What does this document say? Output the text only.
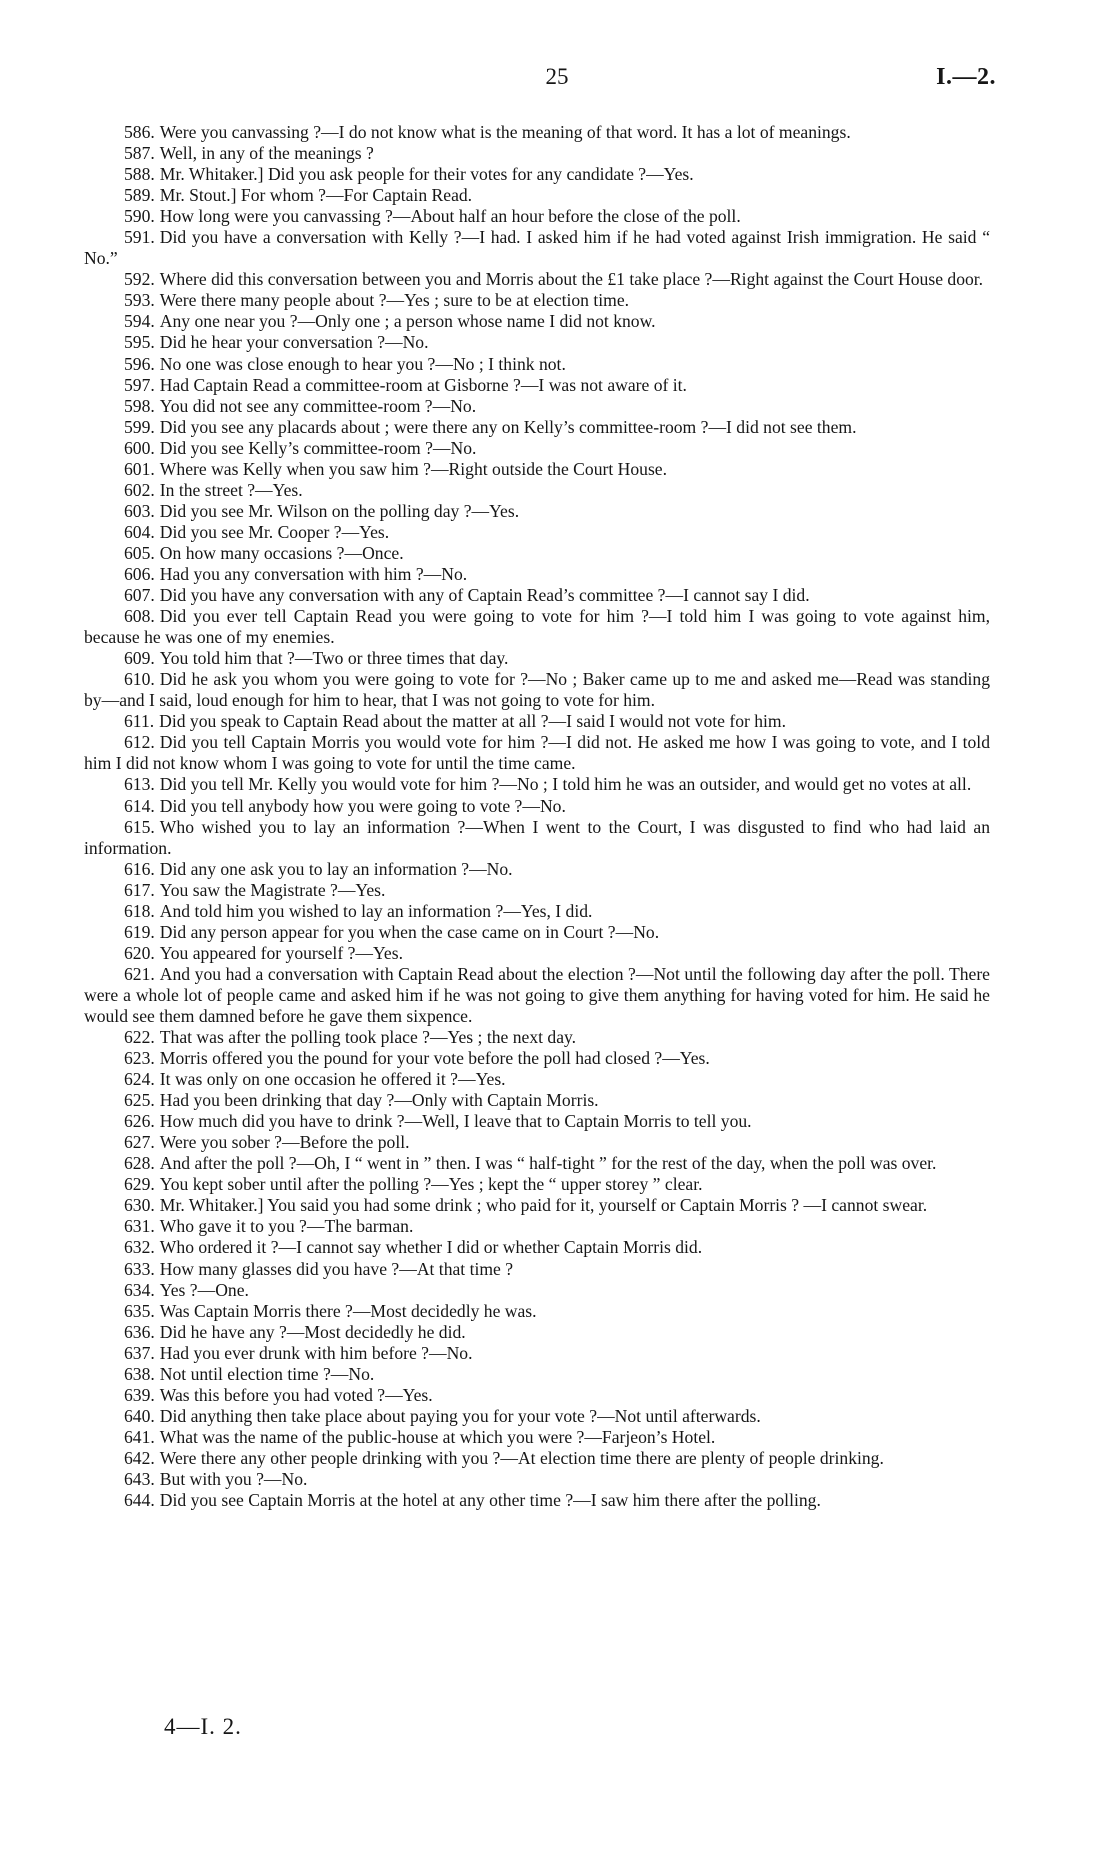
25	I.—2.

586. Were you canvassing ?—I do not know what is the meaning of that word. It has a lot of meanings.

587. Well, in any of the meanings ?

588. Mr. Whitaker.] Did you ask people for their votes for any candidate ?—Yes.

589. Mr. Stout.] For whom ?—For Captain Read.

590. How long were you canvassing ?—About half an hour before the close of the poll.

591. Did you have a conversation with Kelly ?—I had. I asked him if he had voted against Irish immigration. He said “ No.”

592. Where did this conversation between you and Morris about the £1 take place ?—Right against the Court House door.

593. Were there many people about ?—Yes ; sure to be at election time.

594. Any one near you ?—Only one ; a person whose name I did not know.

595. Did he hear your conversation ?—No.

596. No one was close enough to hear you ?—No ; I think not.

597. Had Captain Read a committee-room at Gisborne ?—I was not aware of it.

598. You did not see any committee-room ?—No.

599. Did you see any placards about ; were there any on Kelly’s committee-room ?—I did not see them.

600. Did you see Kelly’s committee-room ?—No.

601. Where was Kelly when you saw him ?—Right outside the Court House.

602. In the street ?—Yes.

603. Did you see Mr. Wilson on the polling day ?—Yes.

604. Did you see Mr. Cooper ?—Yes.

605. On how many occasions ?—Once.

606. Had you any conversation with him ?—No.

607. Did you have any conversation with any of Captain Read’s committee ?—I cannot say I did.

608. Did you ever tell Captain Read you were going to vote for him ?—I told him I was going to vote against him, because he was one of my enemies.

609. You told him that ?—Two or three times that day.

610. Did he ask you whom you were going to vote for ?—No ; Baker came up to me and asked me—Read was standing by—and I said, loud enough for him to hear, that I was not going to vote for him.

611. Did you speak to Captain Read about the matter at all ?—I said I would not vote for him.

612. Did you tell Captain Morris you would vote for him ?—I did not. He asked me how I was going to vote, and I told him I did not know whom I was going to vote for until the time came.

613. Did you tell Mr. Kelly you would vote for him ?—No ; I told him he was an outsider, and would get no votes at all.

614. Did you tell anybody how you were going to vote ?—No.

615. Who wished you to lay an information ?—When I went to the Court, I was disgusted to find who had laid an information.

616. Did any one ask you to lay an information ?—No.

617. You saw the Magistrate ?—Yes.

618. And told him you wished to lay an information ?—Yes, I did.

619. Did any person appear for you when the case came on in Court ?—No.

620. You appeared for yourself ?—Yes.

621. And you had a conversation with Captain Read about the election ?—Not until the following day after the poll. There were a whole lot of people came and asked him if he was not going to give them anything for having voted for him. He said he would see them damned before he gave them sixpence.

622. That was after the polling took place ?—Yes ; the next day.

623. Morris offered you the pound for your vote before the poll had closed ?—Yes.

624. It was only on one occasion he offered it ?—Yes.

625. Had you been drinking that day ?—Only with Captain Morris.

626. How much did you have to drink ?—Well, I leave that to Captain Morris to tell you.

627. Were you sober ?—Before the poll.

628. And after the poll ?—Oh, I “ went in ” then. I was “ half-tight ” for the rest of the day, when the poll was over.

629. You kept sober until after the polling ?—Yes ; kept the “ upper storey ” clear.

630. Mr. Whitaker.] You said you had some drink ; who paid for it, yourself or Captain Morris ? —I cannot swear.

631. Who gave it to you ?—The barman.

632. Who ordered it ?—I cannot say whether I did or whether Captain Morris did.

633. How many glasses did you have ?—At that time ?

634. Yes ?—One.

635. Was Captain Morris there ?—Most decidedly he was.

636. Did he have any ?—Most decidedly he did.

637. Had you ever drunk with him before ?—No.

638. Not until election time ?—No.

639. Was this before you had voted ?—Yes.

640. Did anything then take place about paying you for your vote ?—Not until afterwards.

641. What was the name of the public-house at which you were ?—Farjeon’s Hotel.

642. Were there any other people drinking with you ?—At election time there are plenty of people drinking.

643. But with you ?—No.

644. Did you see Captain Morris at the hotel at any other time ?—I saw him there after the polling.

4—I. 2.
